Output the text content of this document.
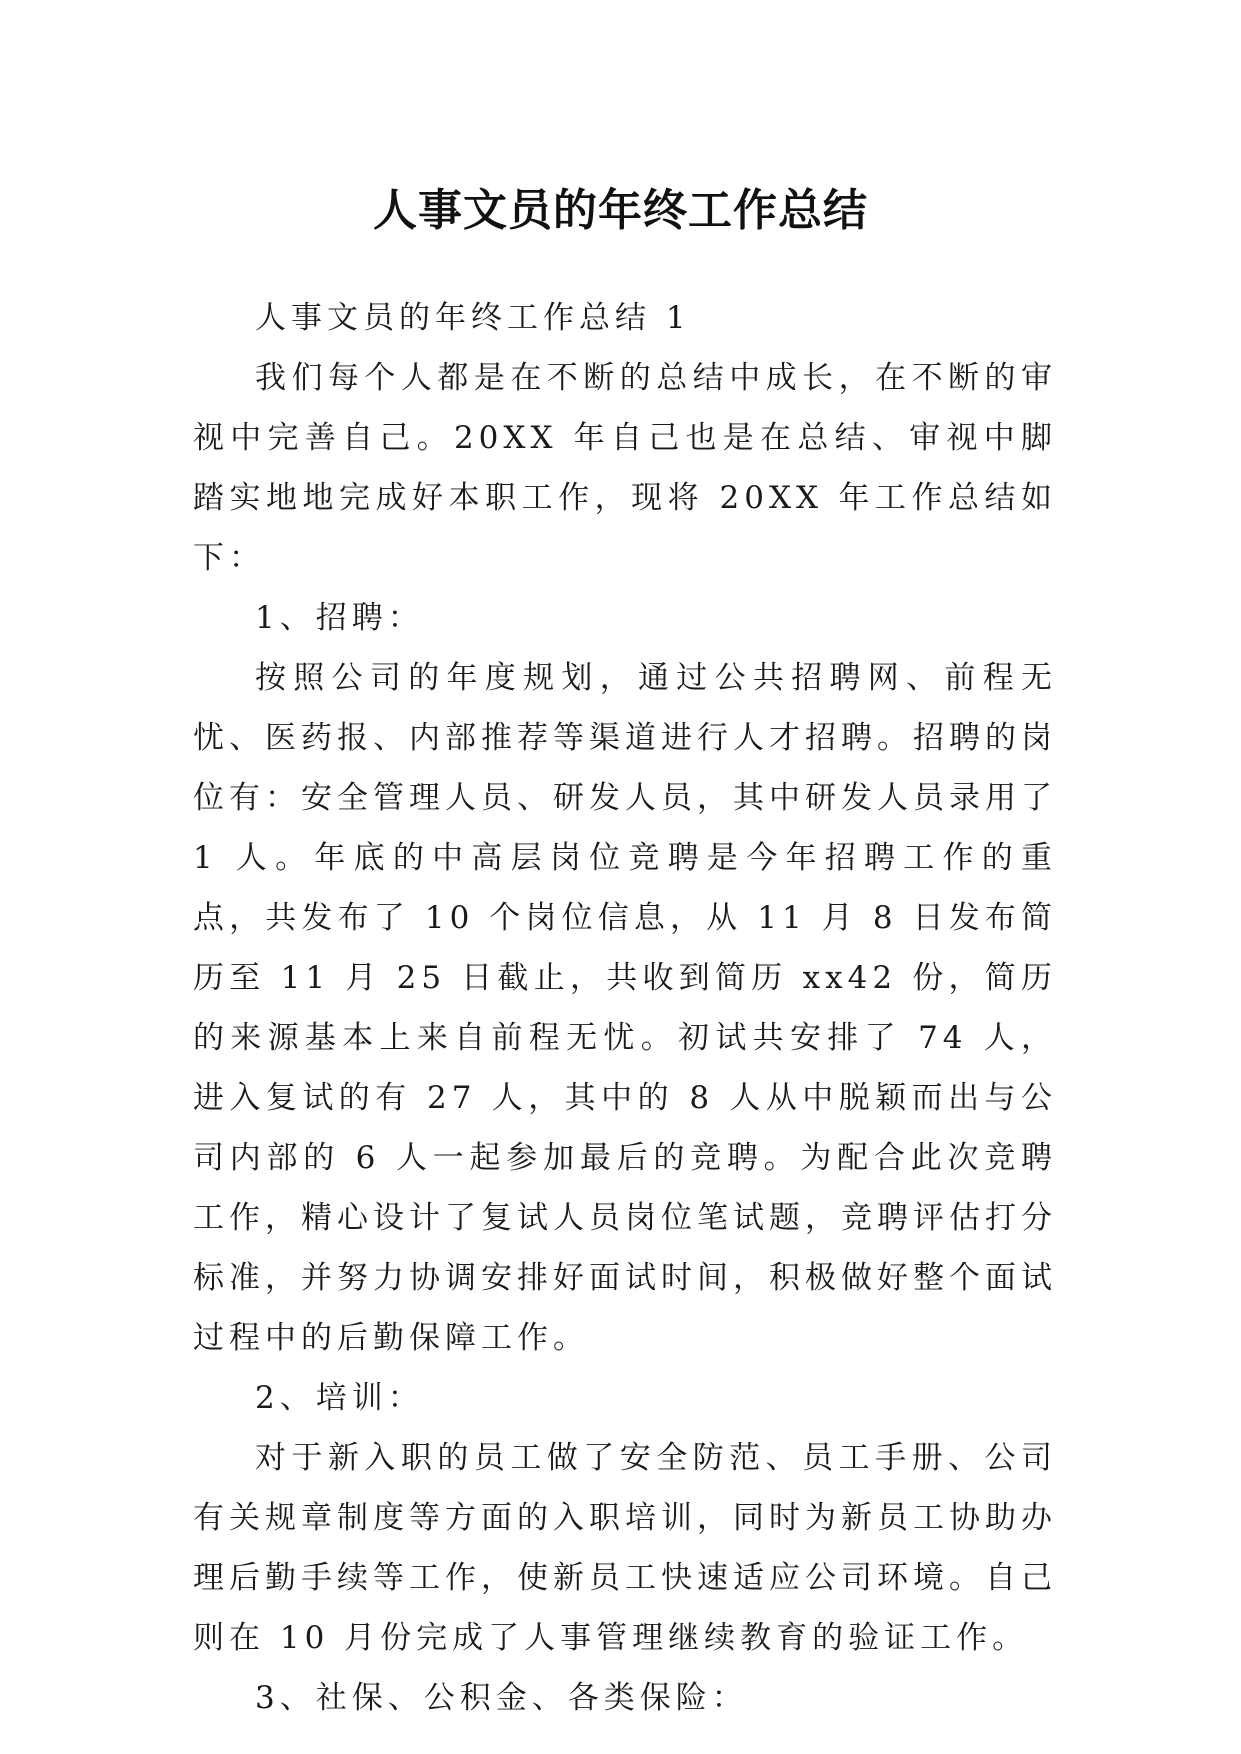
人事文员的年终工作总结

人事文员的年终工作总结 1

我们每个人都是在不断的总结中成长，在不断的审视中完善自己。20XX 年自己也是在总结、审视中脚踏实地地完成好本职工作，现将 20XX 年工作总结如下：

1、招聘：

按照公司的年度规划，通过公共招聘网、前程无忧、医药报、内部推荐等渠道进行人才招聘。招聘的岗位有：安全管理人员、研发人员，其中研发人员录用了 1 人。年底的中高层岗位竞聘是今年招聘工作的重点，共发布了 10 个岗位信息，从 11 月 8 日发布简历至 11 月 25 日截止，共收到简历 xx42 份，简历的来源基本上来自前程无忧。初试共安排了 74 人，进入复试的有 27 人，其中的 8 人从中脱颖而出与公司内部的 6 人一起参加最后的竞聘。为配合此次竞聘工作，精心设计了复试人员岗位笔试题，竞聘评估打分标准，并努力协调安排好面试时间，积极做好整个面试过程中的后勤保障工作。

2、培训：

对于新入职的员工做了安全防范、员工手册、公司有关规章制度等方面的入职培训，同时为新员工协助办理后勤手续等工作，使新员工快速适应公司环境。自己则在 10 月份完成了人事管理继续教育的验证工作。

3、社保、公积金、各类保险：
